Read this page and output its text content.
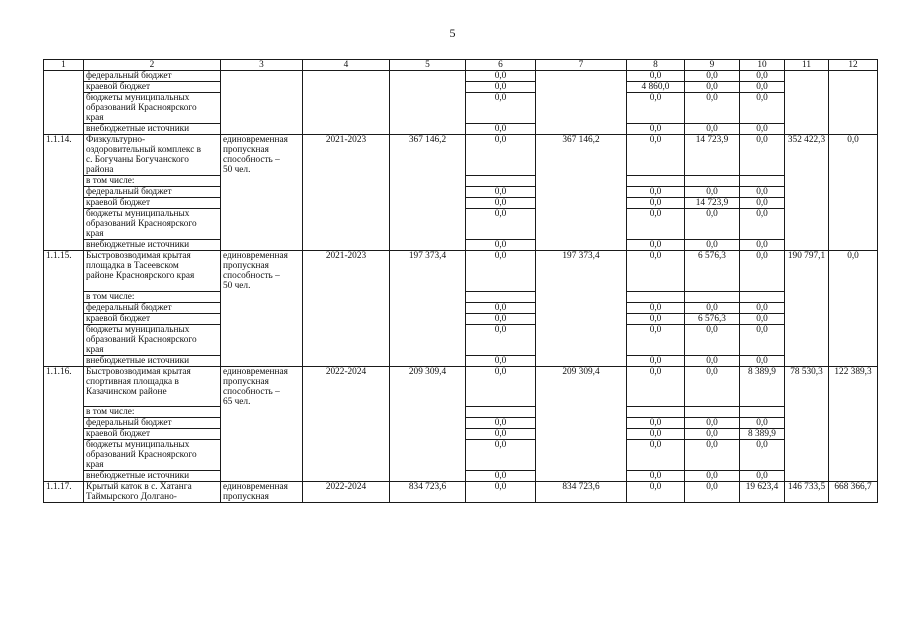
5
1	2	3	4	5	6	7	8	9	10	11	12
	федеральный бюджет				0,0		0,0	0,0	0,0		
	краевой бюджет				0,0		4 860,0	0,0	0,0		
	бюджеты муниципальных
образований Красноярского
края				0,0		0,0	0,0	0,0		
	внебюджетные источники				0,0		0,0	0,0	0,0		
1.1.14.	Физкультурно-
оздоровительный комплекс в
с. Богучаны Богучанского
района	единовременная
пропускная
способность –
50 чел.	2021-2023	367 146,2	0,0	367 146,2	0,0	14 723,9	0,0	352 422,3	0,0
	в том числе:										
	федеральный бюджет				0,0		0,0	0,0	0,0		
	краевой бюджет				0,0		0,0	14 723,9	0,0		
	бюджеты муниципальных
образований Красноярского
края				0,0		0,0	0,0	0,0		
	внебюджетные источники				0,0		0,0	0,0	0,0		
1.1.15.	Быстровозводимая крытая
площадка в Тасеевском
районе Красноярского края	единовременная
пропускная
способность –
50 чел.	2021-2023	197 373,4	0,0	197 373,4	0,0	6 576,3	0,0	190 797,1	0,0
	в том числе:										
	федеральный бюджет				0,0		0,0	0,0	0,0		
	краевой бюджет				0,0		0,0	6 576,3	0,0		
	бюджеты муниципальных
образований Красноярского
края				0,0		0,0	0,0	0,0		
	внебюджетные источники				0,0		0,0	0,0	0,0		
1.1.16.	Быстровозводимая крытая
спортивная площадка в
Казачинском районе	единовременная
пропускная
способность –
65 чел.	2022-2024	209 309,4	0,0	209 309,4	0,0	0,0	8 389,9	78 530,3	122 389,3
	в том числе:										
	федеральный бюджет				0,0		0,0	0,0	0,0		
	краевой бюджет				0,0		0,0	0,0	8 389,9		
	бюджеты муниципальных
образований Красноярского
края				0,0		0,0	0,0	0,0		
	внебюджетные источники				0,0		0,0	0,0	0,0		
1.1.17.	Крытый каток в с. Хатанга
Таймырского Долгано-	единовременная
пропускная	2022-2024	834 723,6	0,0	834 723,6	0,0	0,0	19 623,4	146 733,5	668 366,7
